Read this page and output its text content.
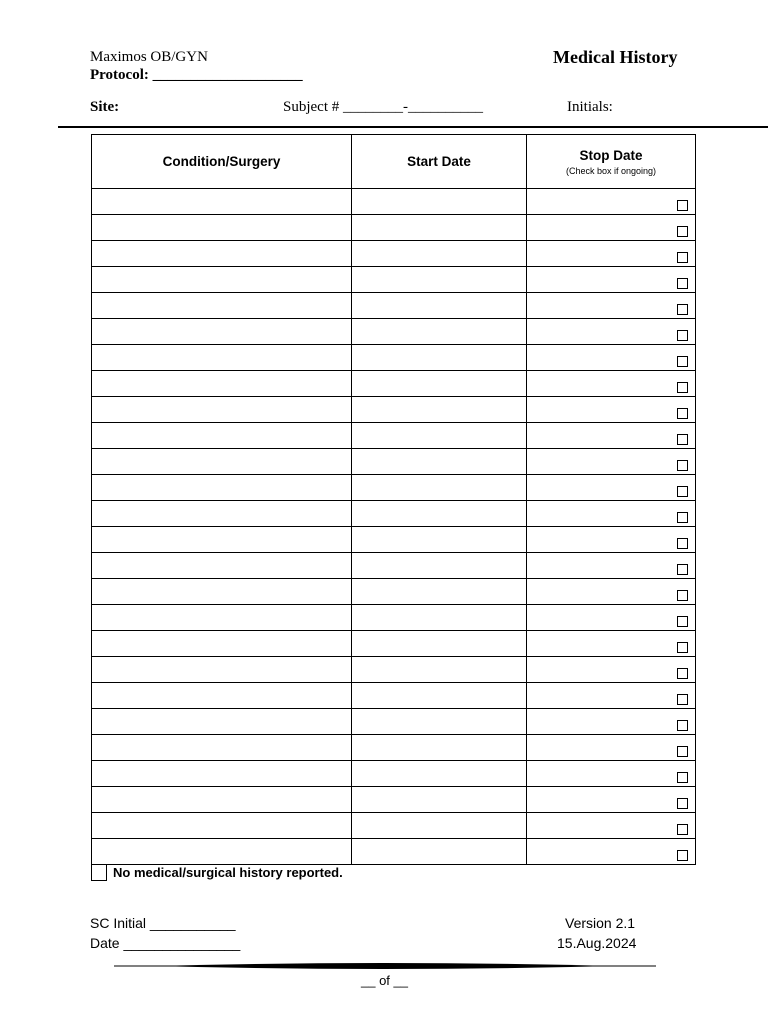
Maximos OB/GYN
Protocol: ____________________
Medical History
Site:	Subject # ________-__________	Initials:
Condition/Surgery	Start Date	Stop Date
(Check box if ongoing)

No medical/surgical history reported.
SC Initial ___________
Date _______________
Version 2.1
15.Aug.2024
__ of __
